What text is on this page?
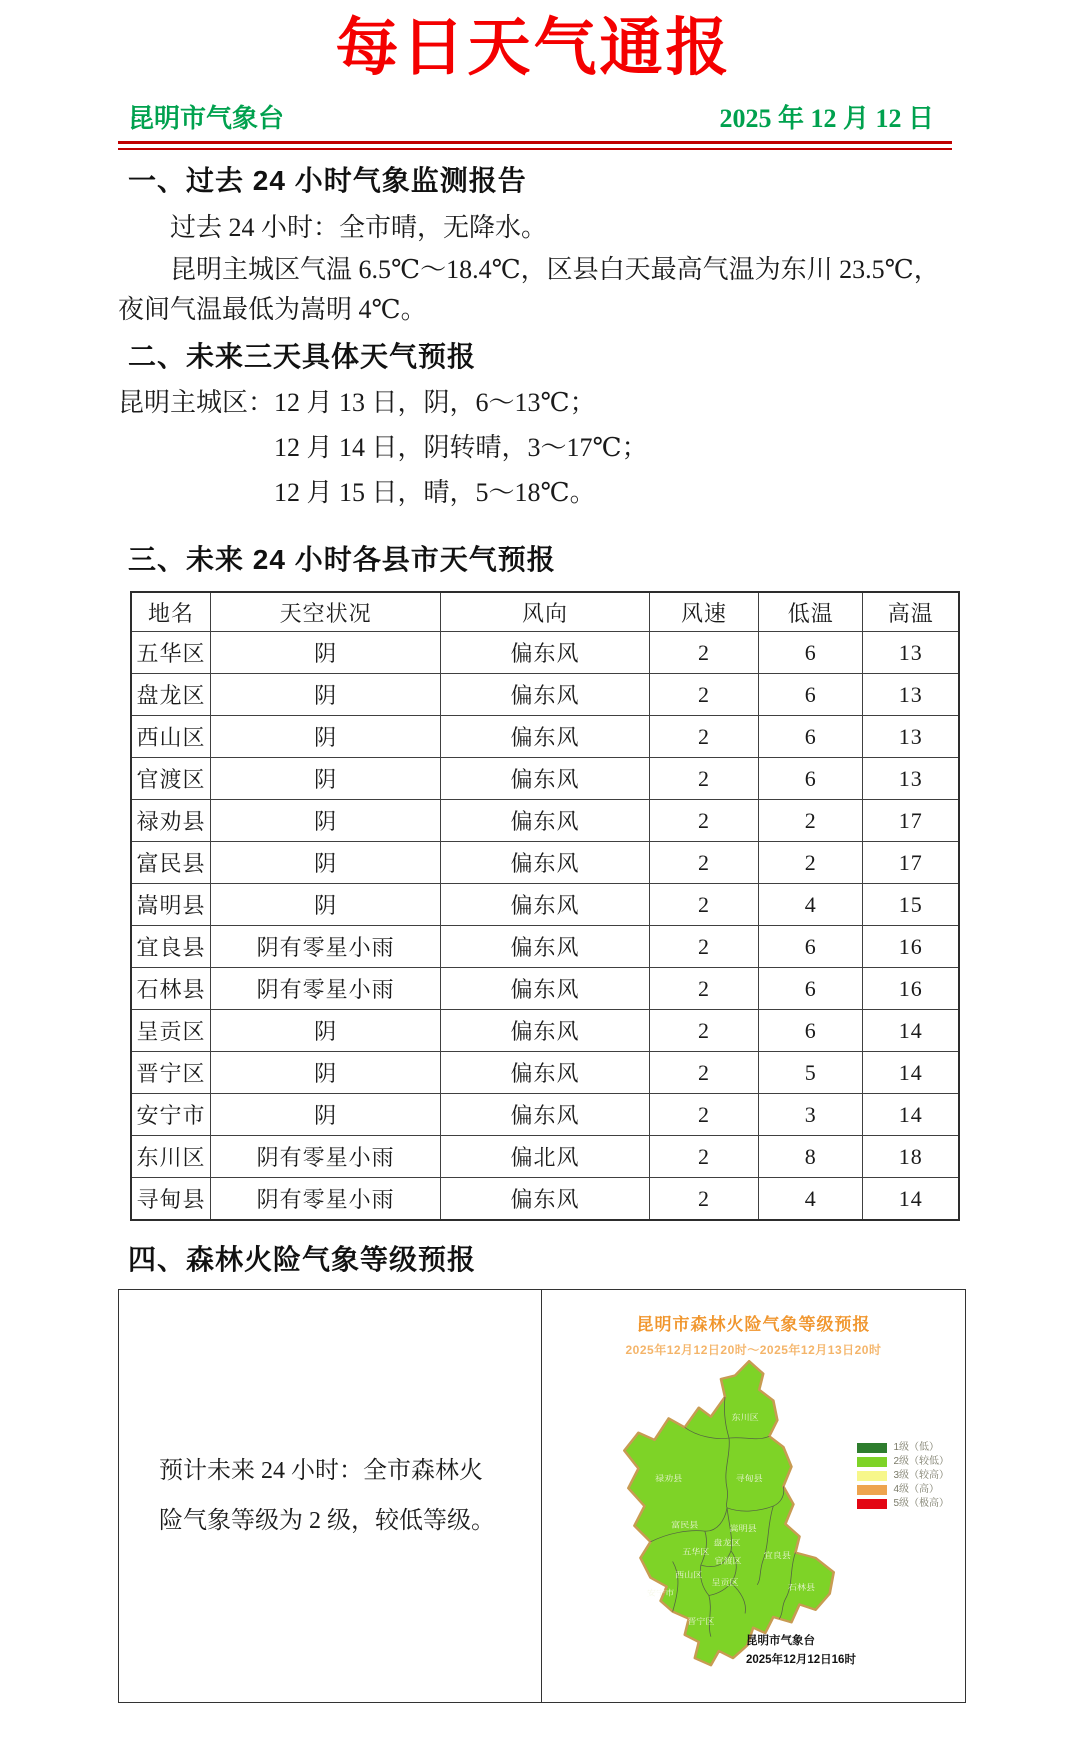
每日天气通报
昆明市气象台	2025 年 12 月 12 日
一、过去 24 小时气象监测报告

过去 24 小时：全市晴，无降水。

昆明主城区气温 6.5℃～18.4℃，区县白天最高气温为东川 23.5℃，夜间气温最低为嵩明 4℃。

二、未来三天具体天气预报
昆明主城区：12 月 13 日，阴，6～13℃；
12 月 14 日，阴转晴，3～17℃；
12 月 15 日，晴，5～18℃。
三、未来 24 小时各县市天气预报
地名	天空状况	风向	风速	低温	高温
五华区	阴	偏东风	2	6	13
盘龙区	阴	偏东风	2	6	13
西山区	阴	偏东风	2	6	13
官渡区	阴	偏东风	2	6	13
禄劝县	阴	偏东风	2	2	17
富民县	阴	偏东风	2	2	17
嵩明县	阴	偏东风	2	4	15
宜良县	阴有零星小雨	偏东风	2	6	16
石林县	阴有零星小雨	偏东风	2	6	16
呈贡区	阴	偏东风	2	6	14
晋宁区	阴	偏东风	2	5	14
安宁市	阴	偏东风	2	3	14
东川区	阴有零星小雨	偏北风	2	8	18
寻甸县	阴有零星小雨	偏东风	2	4	14
四、森林火险气象等级预报
预计未来 24 小时：全市森林火险气象等级为 2 级，较低等级。
昆明市森林火险气象等级预报
2025年12月12日20时～2025年12月13日20时
东川区
禄劝县	寻甸县
富民县	嵩明县
盘龙区
五华区	宜良县
官渡区
西山区
呈贡区
安宁市
石林县
晋宁区
1级（低）
2级（较低）
3级（较高）
4级（高）
5级（极高）
昆明市气象台
2025年12月12日16时
